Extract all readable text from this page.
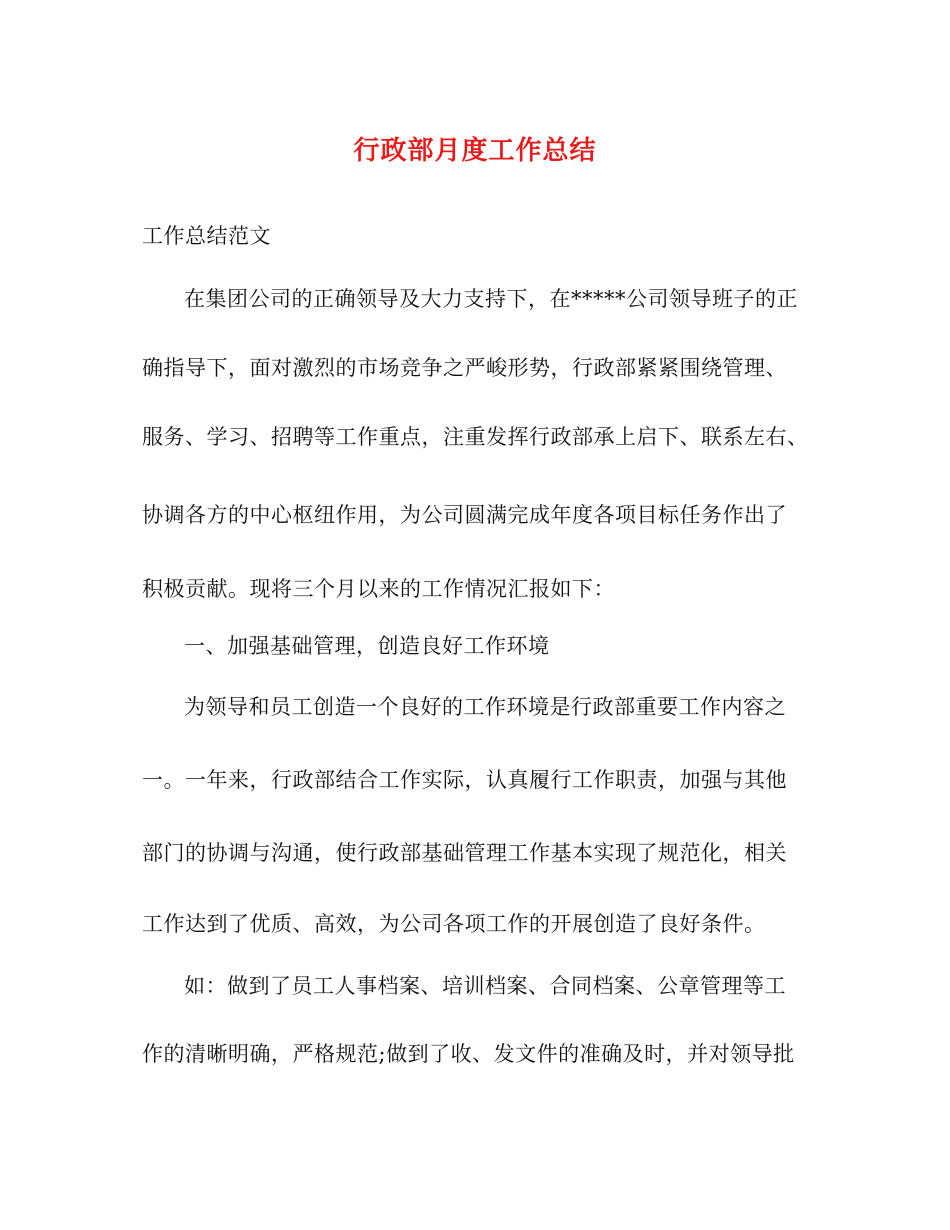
行政部月度工作总结
工作总结范文
在集团公司的正确领导及大力支持下，在*****公司领导班子的正
确指导下，面对激烈的市场竞争之严峻形势，行政部紧紧围绕管理、
服务、学习、招聘等工作重点，注重发挥行政部承上启下、联系左右、
协调各方的中心枢纽作用，为公司圆满完成年度各项目标任务作出了
积极贡献。现将三个月以来的工作情况汇报如下：
一、加强基础管理，创造良好工作环境
为领导和员工创造一个良好的工作环境是行政部重要工作内容之
一。一年来，行政部结合工作实际，认真履行工作职责，加强与其他
部门的协调与沟通，使行政部基础管理工作基本实现了规范化，相关
工作达到了优质、高效，为公司各项工作的开展创造了良好条件。
如：做到了员工人事档案、培训档案、合同档案、公章管理等工
作的清晰明确，严格规范;做到了收、发文件的准确及时，并对领导批
